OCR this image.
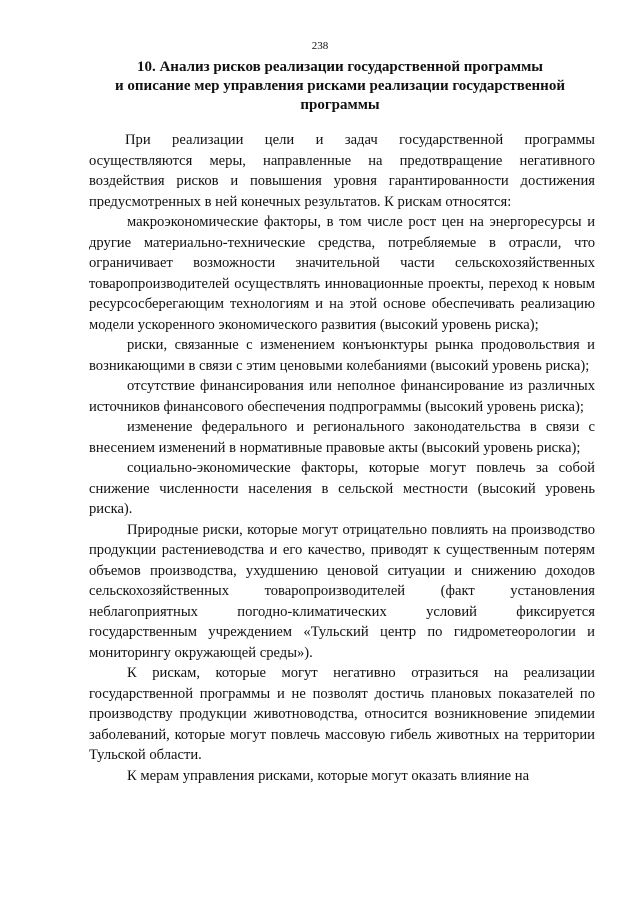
238
10. Анализ рисков реализации государственной программы
и описание мер управления рисками реализации государственной
программы

При реализации цели и задач государственной программы осуществляются меры, направленные на предотвращение негативного воздействия рисков и повышения уровня гарантированности достижения предусмотренных в ней конечных результатов. К рискам относятся:

макроэкономические факторы, в том числе рост цен на энергоресурсы и другие материально-технические средства, потребляемые в отрасли, что ограничивает возможности значительной части сельскохозяйственных товаропроизводителей осуществлять инновационные проекты, переход к новым ресурсосберегающим технологиям и на этой основе обеспечивать реализацию модели ускоренного экономического развития (высокий уровень риска);

риски, связанные с изменением конъюнктуры рынка продовольствия и возникающими в связи с этим ценовыми колебаниями (высокий уровень риска);

отсутствие финансирования или неполное финансирование из различных источников финансового обеспечения подпрограммы (высокий уровень риска);

изменение федерального и регионального законодательства в связи с внесением изменений в нормативные правовые акты (высокий уровень риска);

социально-экономические факторы, которые могут повлечь за собой снижение численности населения в сельской местности (высокий уровень риска).

Природные риски, которые могут отрицательно повлиять на производство продукции растениеводства и его качество, приводят к существенным потерям объемов производства, ухудшению ценовой ситуации и снижению доходов сельскохозяйственных товаропроизводителей (факт установления неблагоприятных погодно-климатических условий фиксируется государственным учреждением «Тульский центр по гидрометеорологии и мониторингу окружающей среды»).

К рискам, которые могут негативно отразиться на реализации государственной программы и не позволят достичь плановых показателей по производству продукции животноводства, относится возникновение эпидемии заболеваний, которые могут повлечь массовую гибель животных на территории Тульской области.

К мерам управления рисками, которые могут оказать влияние на
